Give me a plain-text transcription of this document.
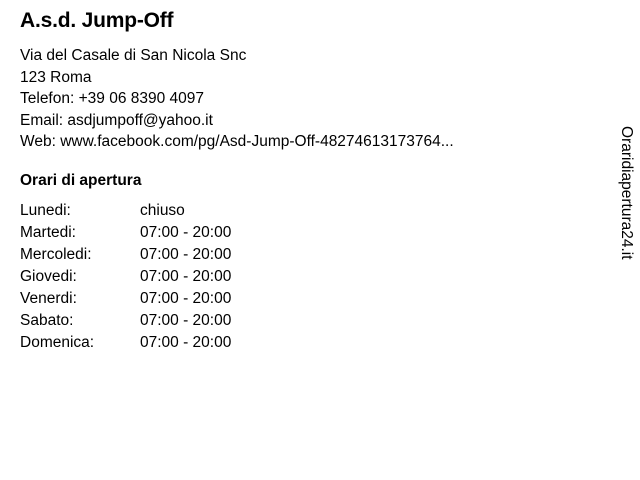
A.s.d. Jump-Off
Via del Casale di San Nicola Snc
123 Roma
Telefon: +39 06 8390 4097
Email: asdjumpoff@yahoo.it
Web: www.facebook.com/pg/Asd-Jump-Off-48274613173764...
Orari di apertura
Lunedi:	chiuso
Martedi:	07:00 - 20:00
Mercoledi:	07:00 - 20:00
Giovedi:	07:00 - 20:00
Venerdi:	07:00 - 20:00
Sabato:	07:00 - 20:00
Domenica:	07:00 - 20:00
Oraridiapertura24.it
